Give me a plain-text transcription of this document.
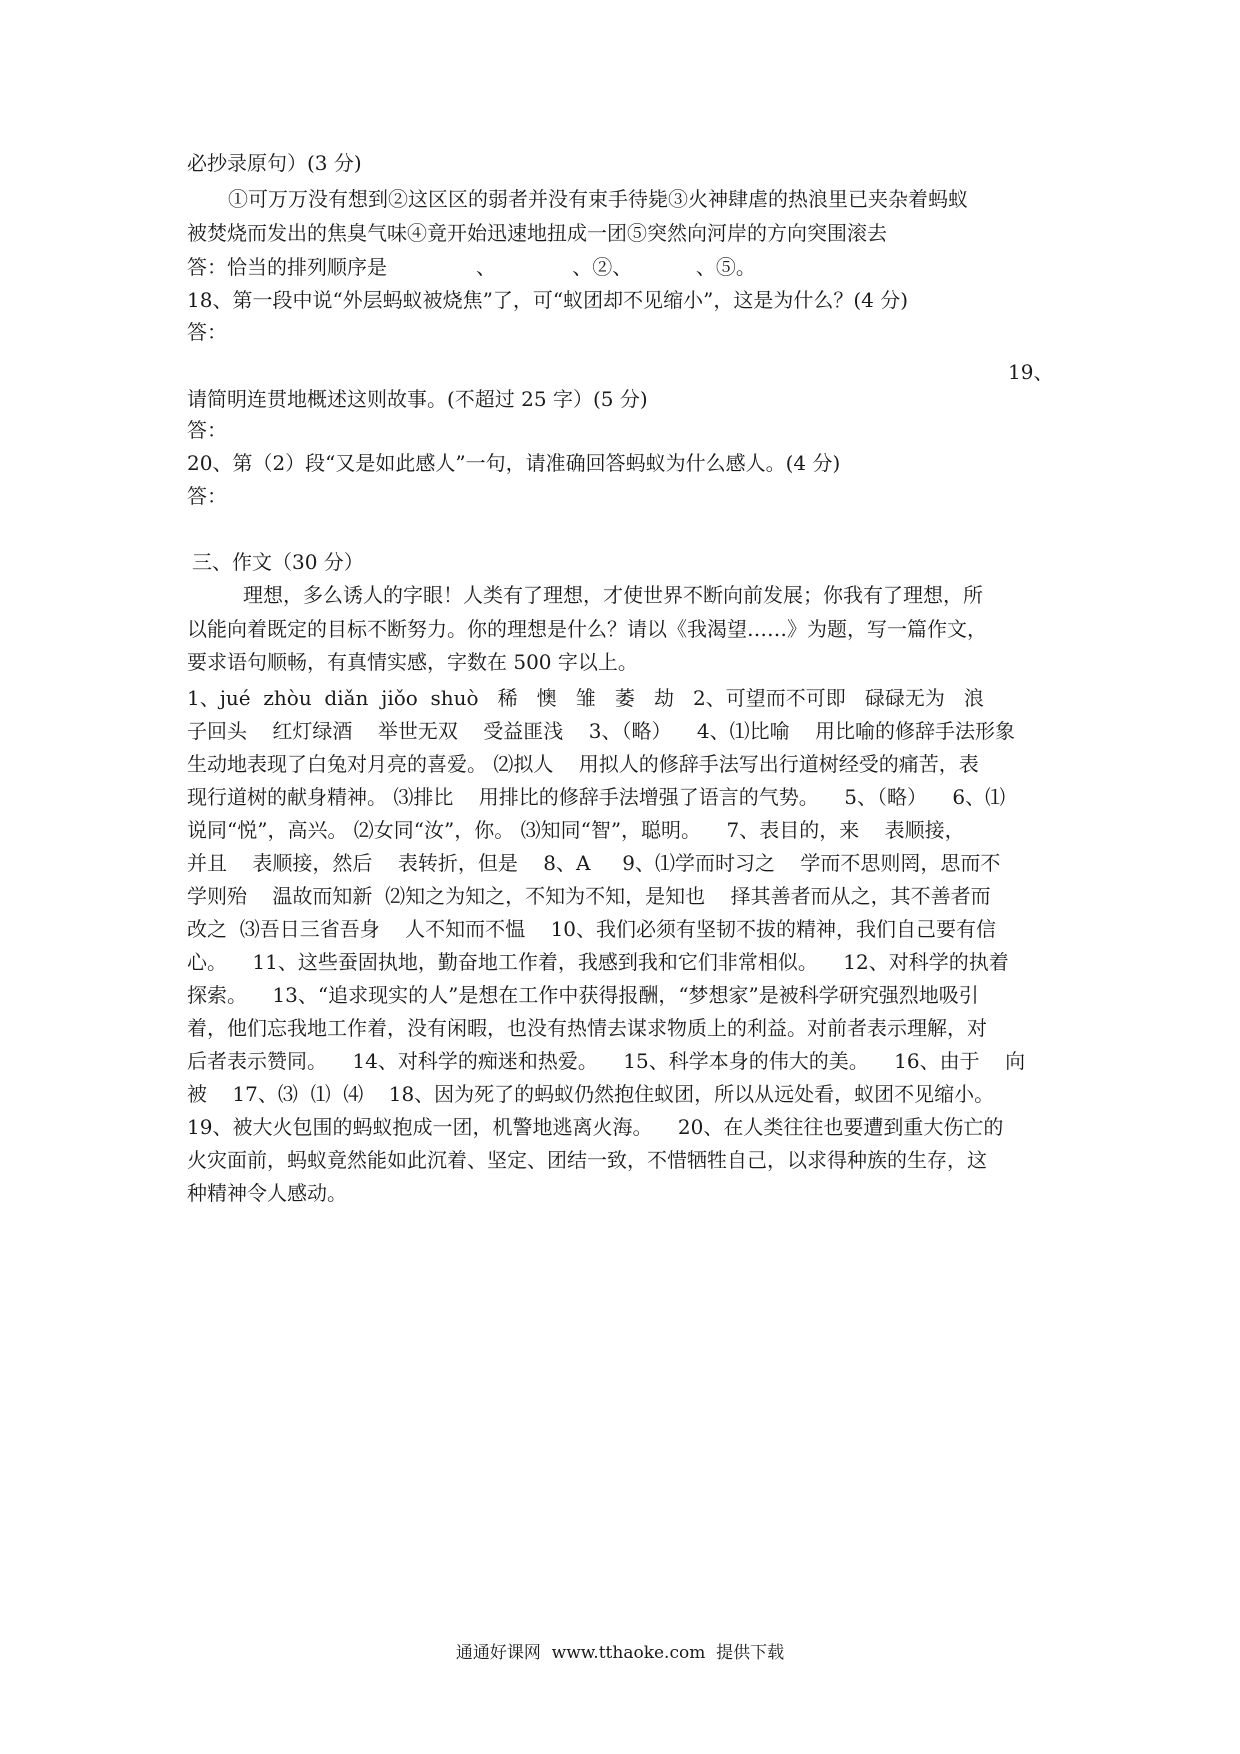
必抄录原句）(3 分)
①可万万没有想到②这区区的弱者并没有束手待毙③火神肆虐的热浪里已夹杂着蚂蚁
被焚烧而发出的焦臭气味④竟开始迅速地扭成一团⑤突然向河岸的方向突围滚去
答：恰当的排列顺序是              、            、②、          、⑤。
18、第一段中说“外层蚂蚁被烧焦”了，可“蚁团却不见缩小”，这是为什么？(4 分)
答：
19、
请简明连贯地概述这则故事。(不超过 25 字）(5 分)
答：
20、第（2）段“又是如此感人”一句，请准确回答蚂蚁为什么感人。(4 分)
答：
三、作文（30 分）
理想，多么诱人的字眼！人类有了理想，才使世界不断向前发展；你我有了理想，所
以能向着既定的目标不断努力。你的理想是什么？请以《我渴望……》为题，写一篇作文，
要求语句顺畅，有真情实感，字数在 500 字以上。
1、jué  zhòu  diǎn  jiǒo  shuò   稀   懊   雏   萎   劫   2、可望而不可即   碌碌无为   浪
子回头    红灯绿酒    举世无双    受益匪浅    3、（略）    4、⑴比喻    用比喻的修辞手法形象
生动地表现了白兔对月亮的喜爱。 ⑵拟人    用拟人的修辞手法写出行道树经受的痛苦，表
现行道树的献身精神。 ⑶排比    用排比的修辞手法增强了语言的气势。    5、（略）    6、⑴
说同“悦”，高兴。 ⑵女同“汝”，你。 ⑶知同“智”，聪明。    7、表目的，来    表顺接，
并且    表顺接，然后    表转折，但是    8、A     9、⑴学而时习之    学而不思则罔，思而不
学则殆    温故而知新  ⑵知之为知之，不知为不知，是知也    择其善者而从之，其不善者而
改之  ⑶吾日三省吾身    人不知而不愠    10、我们必须有坚韧不拔的精神，我们自己要有信
心。    11、这些蚕固执地，勤奋地工作着，我感到我和它们非常相似。    12、对科学的执着
探索。    13、“追求现实的人”是想在工作中获得报酬，“梦想家”是被科学研究强烈地吸引
着，他们忘我地工作着，没有闲暇，也没有热情去谋求物质上的利益。对前者表示理解，对
后者表示赞同。    14、对科学的痴迷和热爱。    15、科学本身的伟大的美。    16、由于    向
被    17、⑶  ⑴  ⑷    18、因为死了的蚂蚁仍然抱住蚁团，所以从远处看，蚁团不见缩小。
19、被大火包围的蚂蚁抱成一团，机警地逃离火海。    20、在人类往往也要遭到重大伤亡的
火灾面前，蚂蚁竟然能如此沉着、坚定、团结一致，不惜牺牲自己，以求得种族的生存，这
种精神令人感动。
通通好课网  www.tthaoke.com  提供下载
